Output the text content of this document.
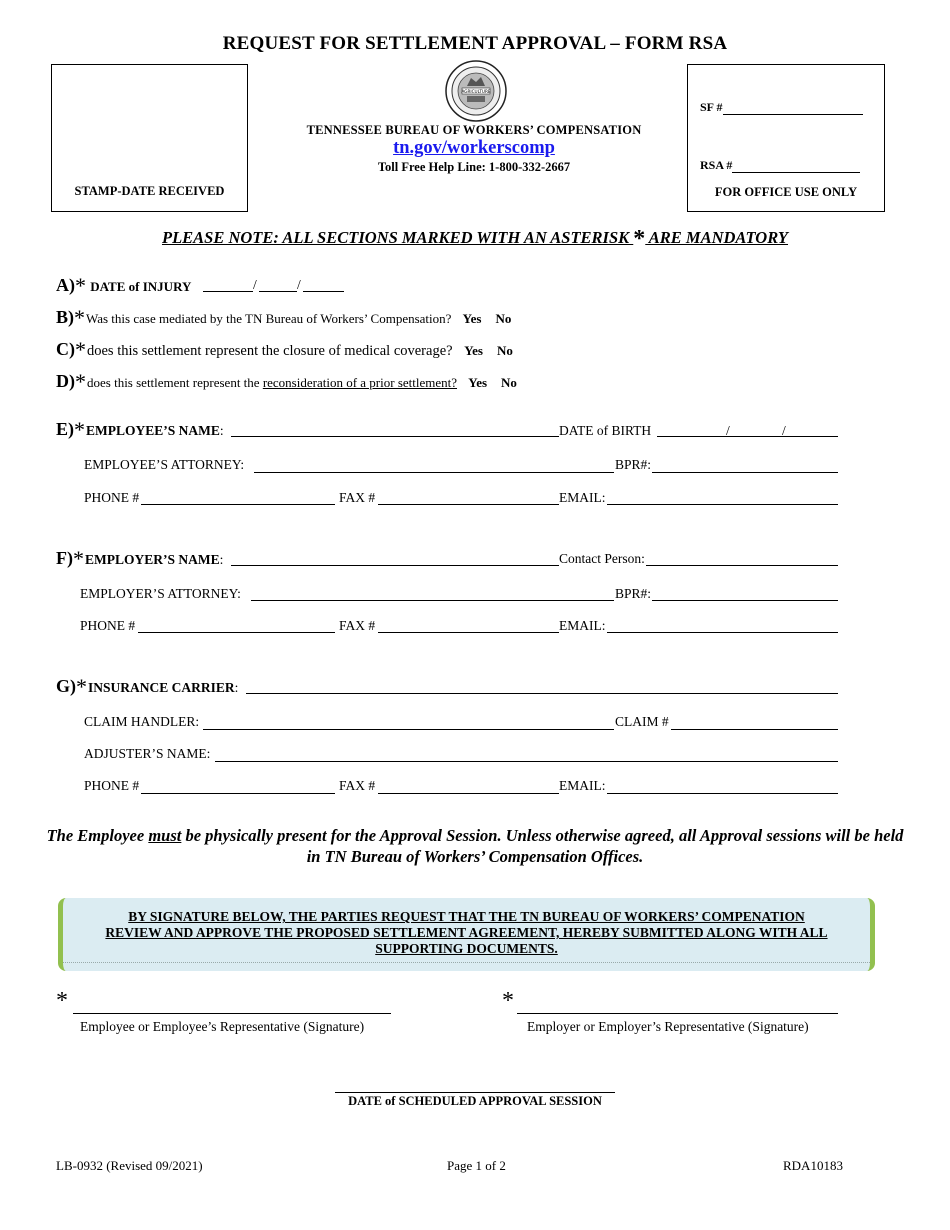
REQUEST FOR SETTLEMENT APPROVAL – FORM RSA
STAMP-DATE RECEIVED
AGRICULTURE
TENNESSEE BUREAU OF WORKERS’ COMPENSATION
tn.gov/workerscomp
Toll Free Help Line: 1-800-332-2667
SF #
RSA #
FOR OFFICE USE ONLY
PLEASE NOTE: ALL SECTIONS MARKED WITH AN ASTERISK * ARE MANDATORY
A)* DATE of INJURY	/	/
B)*Was this case mediated by the TN Bureau of Workers’ Compensation? Yes No
C)*does this settlement represent the closure of medical coverage? Yes No
D)*does this settlement represent the reconsideration of a prior settlement? Yes No
E)*EMPLOYEE’S NAME:	DATE of BIRTH	/	/
EMPLOYEE’S ATTORNEY:	BPR#:
PHONE #	FAX #	EMAIL:
F)*EMPLOYER’S NAME:	Contact Person:
EMPLOYER’S ATTORNEY:	BPR#:
PHONE #	FAX #	EMAIL:
G)*INSURANCE CARRIER:
CLAIM HANDLER:	CLAIM #
ADJUSTER’S NAME:
PHONE #	FAX #	EMAIL:
The Employee must be physically present for the Approval Session. Unless otherwise agreed, all Approval sessions will be held in TN Bureau of Workers’ Compensation Offices.
BY SIGNATURE BELOW, THE PARTIES REQUEST THAT THE TN BUREAU OF WORKERS’ COMPENATION REVIEW AND APPROVE THE PROPOSED SETTLEMENT AGREEMENT, HEREBY SUBMITTED ALONG WITH ALL SUPPORTING DOCUMENTS.
*
Employee or Employee’s Representative (Signature)
*
Employer or Employer’s Representative (Signature)
DATE of SCHEDULED APPROVAL SESSION
LB-0932 (Revised 09/2021)	Page 1 of 2	RDA10183
